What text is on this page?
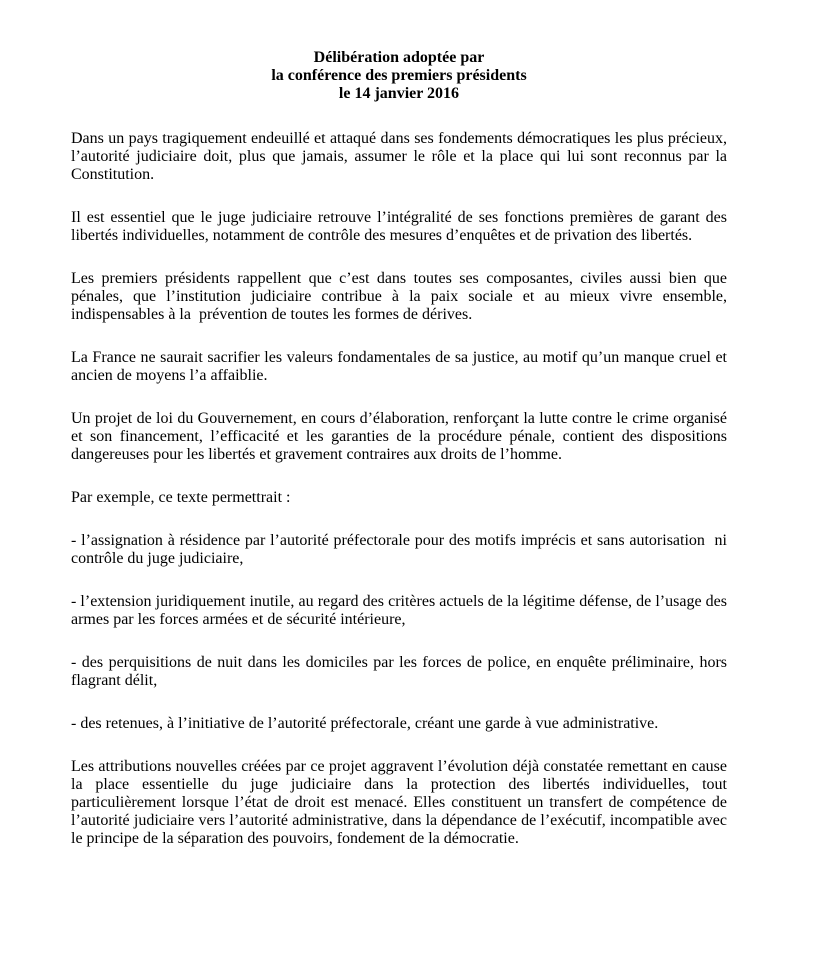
Délibération adoptée par
la conférence des premiers présidents
le 14 janvier 2016

Dans un pays tragiquement endeuillé et attaqué dans ses fondements démocratiques les plus précieux, l’autorité judiciaire doit, plus que jamais, assumer le rôle et la place qui lui sont reconnus par la Constitution.

Il est essentiel que le juge judiciaire retrouve l’intégralité de ses fonctions premières de garant des libertés individuelles, notamment de contrôle des mesures d’enquêtes et de privation des libertés.

Les premiers présidents rappellent que c’est dans toutes ses composantes, civiles aussi bien que pénales, que l’institution judiciaire contribue à la paix sociale et au mieux vivre ensemble, indispensables à la  prévention de toutes les formes de dérives.

La France ne saurait sacrifier les valeurs fondamentales de sa justice, au motif qu’un manque cruel et ancien de moyens l’a affaiblie.

Un projet de loi du Gouvernement, en cours d’élaboration, renforçant la lutte contre le crime organisé et son financement, l’efficacité et les garanties de la procédure pénale, contient des dispositions dangereuses pour les libertés et gravement contraires aux droits de l’homme.

Par exemple, ce texte permettrait :

- l’assignation à résidence par l’autorité préfectorale pour des motifs imprécis et sans autorisation  ni contrôle du juge judiciaire,

- l’extension juridiquement inutile, au regard des critères actuels de la légitime défense, de l’usage des armes par les forces armées et de sécurité intérieure,

- des perquisitions de nuit dans les domiciles par les forces de police, en enquête préliminaire, hors flagrant délit,

- des retenues, à l’initiative de l’autorité préfectorale, créant une garde à vue administrative.

Les attributions nouvelles créées par ce projet aggravent l’évolution déjà constatée remettant en cause la place essentielle du juge judiciaire dans la protection des libertés individuelles, tout particulièrement lorsque l’état de droit est menacé. Elles constituent un transfert de compétence de l’autorité judiciaire vers l’autorité administrative, dans la dépendance de l’exécutif, incompatible avec le principe de la séparation des pouvoirs, fondement de la démocratie.
